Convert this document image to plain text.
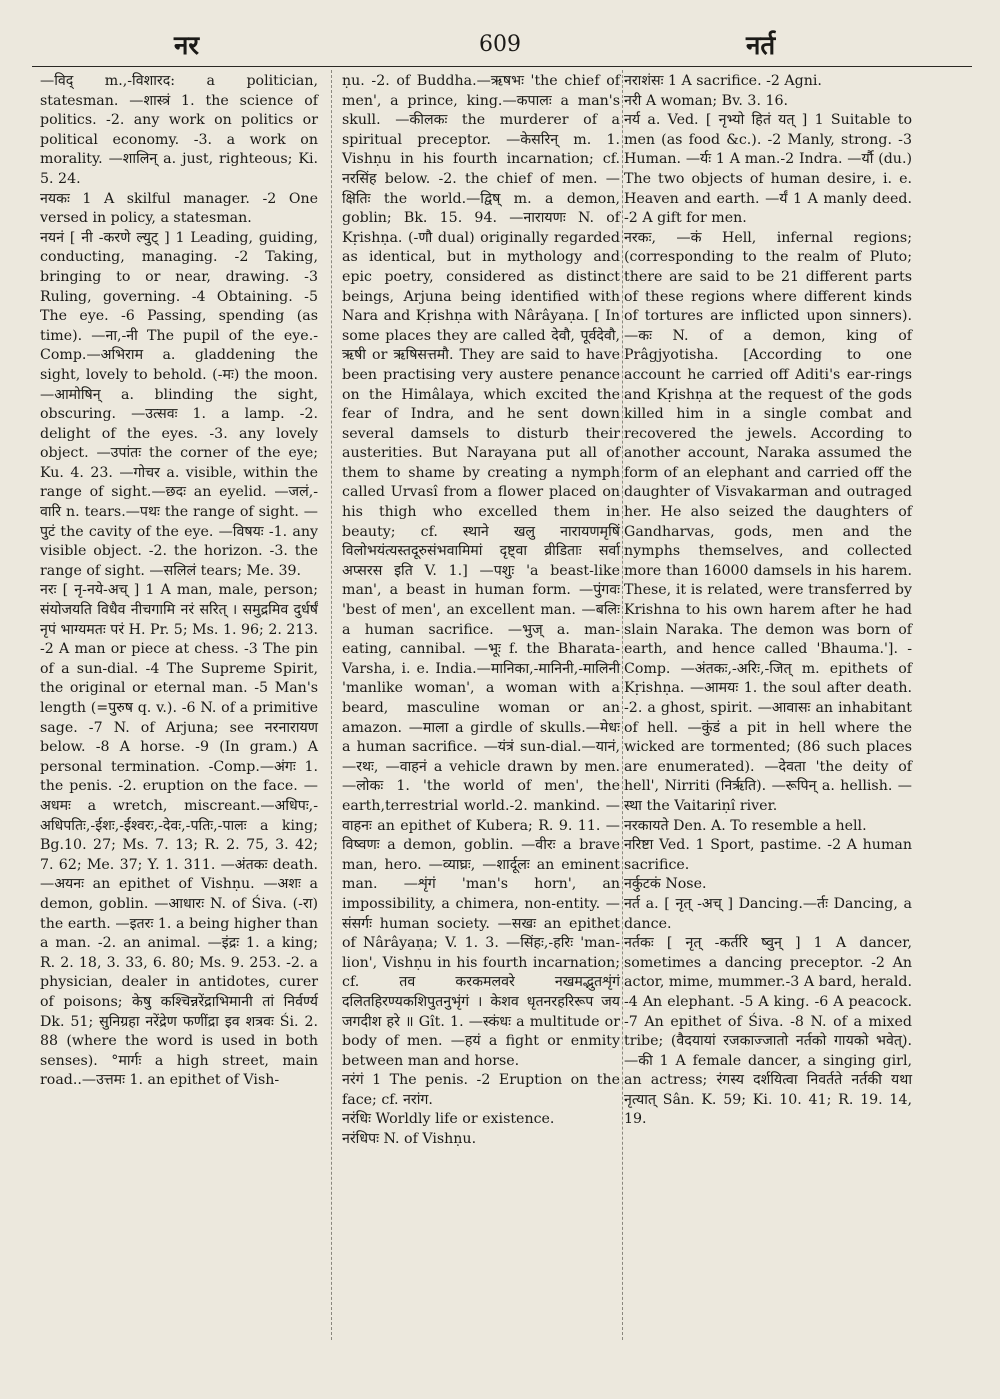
नर	609	नर्त

—विद् m.,-विशारद: a politician, statesman. —शास्त्रं 1. the science of politics. -2. any work on politics or political economy. -3. a work on morality. —शालिन् a. just, righteous; Ki. 5. 24.

नयकः 1 A skilful manager. -2 One versed in policy, a statesman.

नयनं [ नी -करणे ल्युट् ] 1 Leading, guiding, conducting, managing. -2 Taking, bringing to or near, drawing. -3 Ruling, governing. -4 Obtaining. -5 The eye. -6 Passing, spending (as time). —ना,-नी The pupil of the eye.-Comp.—अभिराम a. gladdening the sight, lovely to behold. (-मः) the moon. —आमोषिन् a. blinding the sight, obscuring. —उत्सवः 1. a lamp. -2. delight of the eyes. -3. any lovely object. —उपांतः the corner of the eye; Ku. 4. 23. —गोचर a. visible, within the range of sight.—छदः an eyelid. —जलं,-वारि n. tears.—पथः the range of sight. —पुटं the cavity of the eye. —विषयः -1. any visible object. -2. the horizon. -3. the range of sight. —सलिलं tears; Me. 39.

नरः [ नृ-नये-अच् ] 1 A man, male, person; संयोजयति विधैव नीचगामि नरं सरित् । समुद्रमिव दुर्धर्षं नृपं भाग्यमतः परं H. Pr. 5; Ms. 1. 96; 2. 213. -2 A man or piece at chess. -3 The pin of a sun-dial. -4 The Supreme Spirit, the original or eternal man. -5 Man's length (=पुरुष q. v.). -6 N. of a primitive sage. -7 N. of Arjuna; see नरनारायण below. -8 A horse. -9 (In gram.) A personal termination. -Comp.—अंगः 1. the penis. -2. eruption on the face. —अधमः a wretch, miscreant.—अधिपः,-अधिपतिः,-ईशः,-ईश्वरः,-देवः,-पतिः,-पालः a king; Bg.10. 27; Ms. 7. 13; R. 2. 75, 3. 42; 7. 62; Me. 37; Y. 1. 311. —अंतकः death. —अयनः an epithet of Vishṇu. —अशः a demon, goblin. —आधारः N. of Śiva. (-रा) the earth. —इतरः 1. a being higher than a man. -2. an animal. —इंद्रः 1. a king; R. 2. 18, 3. 33, 6. 80; Ms. 9. 253. -2. a physician, dealer in antidotes, curer of poisons; केषु कश्चिन्नरेंद्राभिमानी तां निर्वर्ण्य Dk. 51; सुनिग्रहा नरेंद्रेण फणींद्रा इव शत्रवः Śi. 2. 88 (where the word is used in both senses). °मार्गः a high street, main road..—उत्तमः 1. an epithet of Vish-

ṇu. -2. of Buddha.—ऋषभः 'the chief of men', a prince, king.—कपालः a man's skull. —कीलकः the murderer of a spiritual preceptor. —केसरिन् m. 1. Vishṇu in his fourth incarnation; cf. नरसिंह below. -2. the chief of men. —क्षितिः the world.—द्विष् m. a demon, goblin; Bk. 15. 94. —नारायणः N. of Kṛishṇa. (-णौ dual) originally regarded as identical, but in mythology and epic poetry, considered as distinct beings, Arjuna being identified with Nara and Kṛishṇa with Nârâyaṇa. [ In some places they are called देवौ, पूर्वदेवौ, ऋषी or ऋषिसत्तमौ. They are said to have been practising very austere penance on the Himâlaya, which excited the fear of Indra, and he sent down several damsels to disturb their austerities. But Narayana put all of them to shame by creating a nymph called Urvasî from a flower placed on his thigh who excelled them in beauty; cf. स्थाने खलु नारायणमृषिं विलोभयंत्यस्तदूरुसंभवामिमां दृष्ट्वा व्रीडिताः सर्वा अप्सरस इति V. 1.] —पशुः 'a beast-like man', a beast in human form. —पुंगवः 'best of men', an excellent man. —बलिः a human sacrifice. —भुज् a. man-eating, cannibal. —भूः f. the Bharata-Varsha, i. e. India.—मानिका,-मानिनी,-मालिनी 'manlike woman', a woman with a beard, masculine woman or an amazon. —माला a girdle of skulls.—मेधः a human sacrifice. —यंत्रं sun-dial.—यानं, —रथः, —वाहनं a vehicle drawn by men. —लोकः 1. 'the world of men', the earth,terrestrial world.-2. mankind. —वाहनः an epithet of Kubera; R. 9. 11. —विष्वणः a demon, goblin. —वीरः a brave man, hero. —व्याघ्रः, —शार्दूलः an eminent man. —शृंगं 'man's horn', an impossibility, a chimera, non-entity. —संसर्गः human society. —सखः an epithet of Nârâyaṇa; V. 1. 3. —सिंहः,-हरिः 'man-lion', Vishṇu in his fourth incarnation; cf. तव करकमलवरे नखमद्भुतशृंगं दलितहिरण्यकशिपुतनुभृंगं । केशव धृतनरहरिरूप जय जगदीश हरे ॥ Gît. 1. —स्कंधः a multitude or body of men. —हयं a fight or enmity between man and horse.

नरंगं 1 The penis. -2 Eruption on the face; cf. नरांग.

नरंधिः Worldly life or existence.

नरंधिपः N. of Vishṇu.

नराशंसः 1 A sacrifice. -2 Agni.

नरी A woman; Bv. 3. 16.

नर्य a. Ved. [ नृभ्यो हितं यत् ] 1 Suitable to men (as food &c.). -2 Manly, strong. -3 Human. —र्यः 1 A man.-2 Indra. —र्यौ (du.) The two objects of human desire, i. e. Heaven and earth. —र्यं 1 A manly deed. -2 A gift for men.

नरकः, —कं Hell, infernal regions; (corresponding to the realm of Pluto; there are said to be 21 different parts of these regions where different kinds of tortures are inflicted upon sinners). —कः N. of a demon, king of Prâgjyotisha. [According to one account he carried off Aditi's ear-rings and Kṛishṇa at the request of the gods killed him in a single combat and recovered the jewels. According to another account, Naraka assumed the form of an elephant and carried off the daughter of Visvakarman and outraged her. He also seized the daughters of Gandharvas, gods, men and the nymphs themselves, and collected more than 16000 damsels in his harem. These, it is related, were transferred by Krishna to his own harem after he had slain Naraka. The demon was born of earth, and hence called 'Bhauma.']. -Comp. —अंतकः,-अरिः,-जित् m. epithets of Kṛishṇa. —आमयः 1. the soul after death. -2. a ghost, spirit. —आवासः an inhabitant of hell. —कुंडं a pit in hell where the wicked are tormented; (86 such places are enumerated). —देवता 'the deity of hell', Nirriti (निर्ऋति). —रूपिन् a. hellish. —स्था the Vaitariṇî river.

नरकायते Den. A. To resemble a hell.

नरिष्टा Ved. 1 Sport, pastime. -2 A human sacrifice.

नर्कुटकं Nose.

नर्त a. [ नृत् -अच् ] Dancing.—र्तः Dancing, a dance.

नर्तकः [ नृत् -कर्तरि ष्वुन् ] 1 A dancer, sometimes a dancing preceptor. -2 An actor, mime, mummer.-3 A bard, herald. -4 An elephant. -5 A king. -6 A peacock. -7 An epithet of Śiva. -8 N. of a mixed tribe; (वैदयायां रजकाज्जातो नर्तको गायको भवेत्). —की 1 A female dancer, a singing girl, an actress; रंगस्य दर्शयित्वा निवर्तते नर्तकी यथा नृत्यात् Sân. K. 59; Ki. 10. 41; R. 19. 14, 19.
